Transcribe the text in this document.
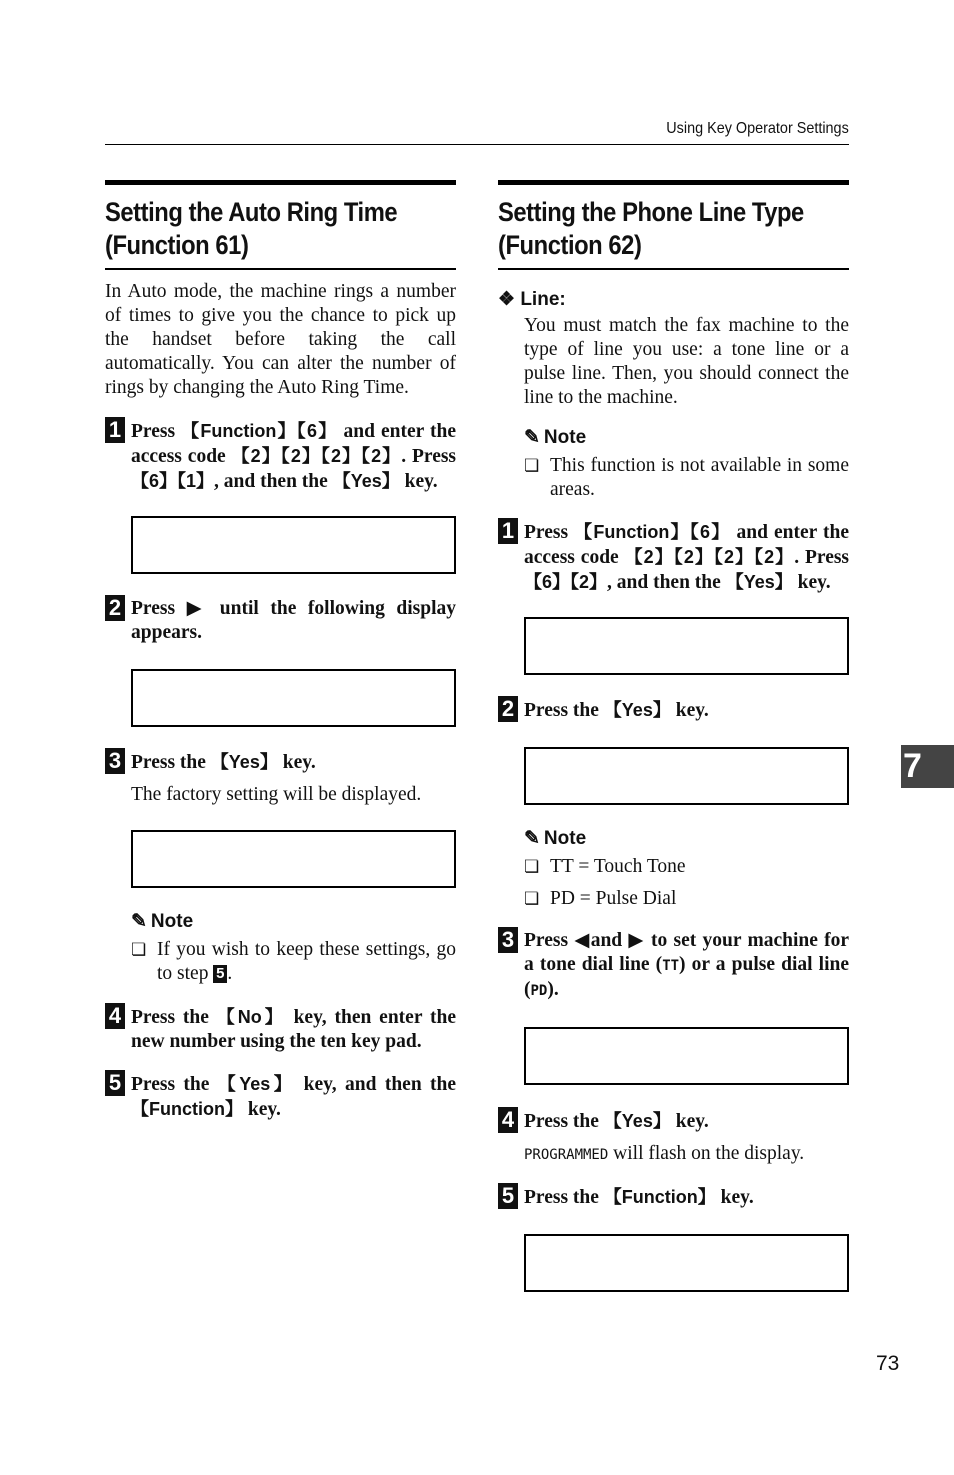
Using Key Operator Settings
Setting the Auto Ring Time
(Function 61)

In Auto mode, the machine rings a number of times to give you the chance to pick up the handset before taking the call automatically. You can alter the number of rings by changing the Auto Ring Time.

1 Press 【 Function 】 【 6 】 and enter the access code 【 2 】 【 2 】 【 2 】 【 2 】 . Press 【 6 】 【 1 】 , and then the 【 Yes 】 key.

2 Press ▶ until the following display appears.

3 Press the 【 Yes 】 key.
The factory setting will be displayed.

✎ Note
❏ If you wish to keep these settings, go to step 5 .
4 Press the 【 No 】 key, then enter the new number using the ten key pad.
5 Press the 【 Yes 】 key, and then the 【 Function 】 key.
Setting the Phone Line Type
(Function 62)
❖ Line:
You must match the fax machine to the type of line you use: a tone line or a pulse line. Then, you should connect the line to the machine.
✎ Note
❏ This function is not available in some areas.
1 Press 【 Function 】 【 6 】 and enter the access code 【 2 】 【 2 】 【 2 】 【 2 】 . Press 【 6 】 【 2 】 , and then the 【 Yes 】 key.

2 Press the 【 Yes 】 key.

✎ Note
❏ TT = Touch Tone
❏ PD = Pulse Dial
3 Press ◀and ▶ to set your machine for a tone dial line (TT) or a pulse dial line (PD).

4 Press the 【 Yes 】 key.
PROGRAMMED will flash on the display.
5 Press the 【 Function 】 key.

7
73
